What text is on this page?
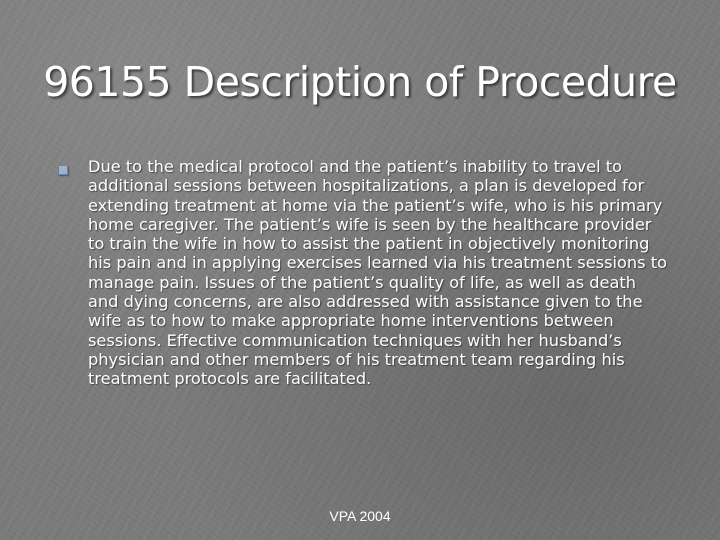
96155 Description of Procedure

Due to the medical protocol and the patient’s inability to travel to additional sessions between hospitalizations, a plan is developed for extending treatment at home via the patient’s wife, who is his primary home caregiver. The patient’s wife is seen by the healthcare provider to train the wife in how to assist the patient in objectively monitoring his pain and in applying exercises learned via his treatment sessions to manage pain. Issues of the patient’s quality of life, as well as death and dying concerns, are also addressed with assistance given to the wife as to how to make appropriate home interventions between sessions. Effective communication techniques with her husband’s physician and other members of his treatment team regarding his treatment protocols are facilitated.

VPA 2004
